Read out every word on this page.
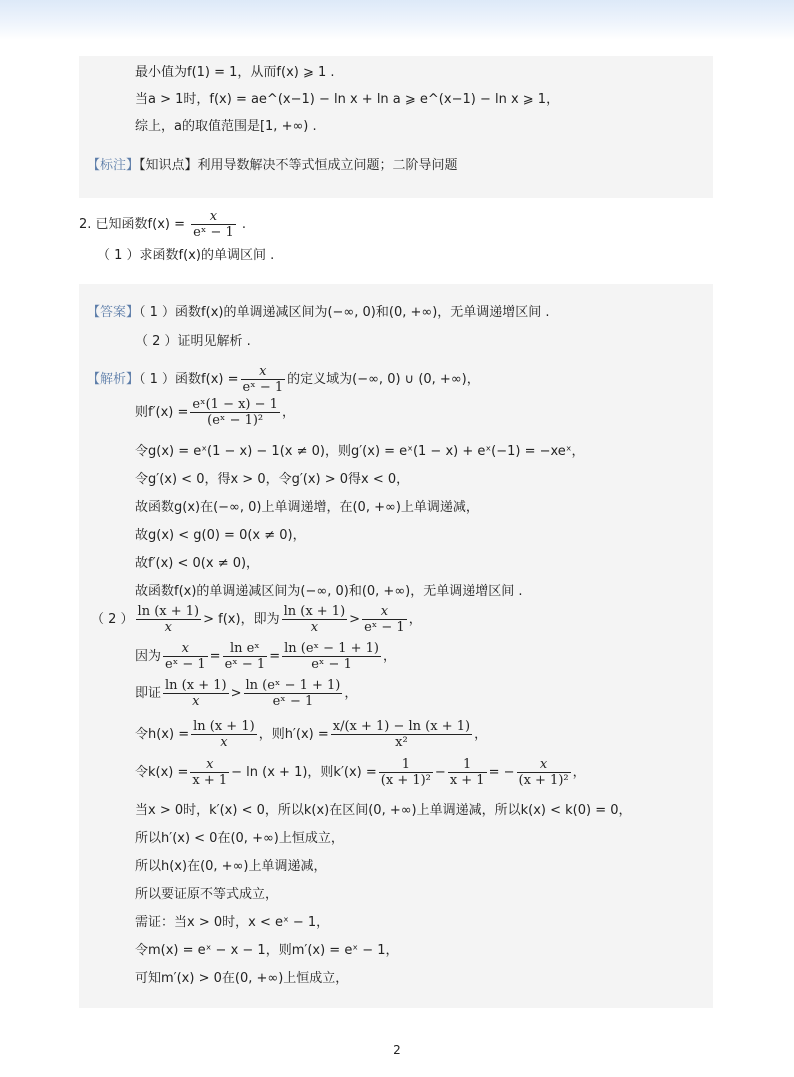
最小值为f(1) = 1，从而f(x) ⩾ 1 .
当a > 1时，f(x) = ae^(x−1) − ln x + ln a ⩾ e^(x−1) − ln x ⩾ 1，
综上，a的取值范围是[1, +∞) .
【标注】【知识点】利用导数解决不等式恒成立问题；二阶导问题
2. 已知函数$f(x) = \frac{x}{\text{eˣ − 1}}$ .
（ 1 ）求函数f(x)的单调区间 .
【答案】（ 1 ）函数f(x)的单调递减区间为(−∞, 0)和(0, +∞)，无单调递增区间 .
（ 2 ）证明见解析 .
【解析】（ 1 ）函数$f(x) = \frac{x}{\text{eˣ − 1}}$ 的定义域为(−∞, 0) ∪ (0, +∞)，
则$f'(x) = \frac{\text{eˣ(1 − x) − 1}}{\text{(eˣ − 1)²}}$ ，
令g(x) = eˣ(1 − x) − 1(x ≠ 0)，则g′(x) = eˣ(1 − x) + eˣ(−1) = −xeˣ，
令g′(x) < 0，得x > 0，令g′(x) > 0得x < 0，
故函数g(x)在(−∞, 0)上单调递增，在(0, +∞)上单调递减，
故g(x) < g(0) = 0(x ≠ 0)，
故f′(x) < 0(x ≠ 0)，
故函数f(x)的单调递减区间为(−∞, 0)和(0, +∞)，无单调递增区间 .
（ 2 ） $\frac{\ln (x + 1)}{x} > f(x)$，即为 $\frac{\ln (x + 1)}{x} > \frac{x}{\text{eˣ − 1}}$ ，
因为 $\frac{x}{\text{eˣ − 1}} = \frac{\text{ln eˣ}}{\text{eˣ − 1}} = \frac{\text{ln (eˣ − 1 + 1)}}{\text{eˣ − 1}}$ ，
即证 $\frac{\ln (x + 1)}{x} > \frac{\text{ln (eˣ − 1 + 1)}}{\text{eˣ − 1}}$ ，
令$h(x) = \frac{\ln (x + 1)}{x}$ ，则$h'(x) = \frac{x/(x + 1) - \ln (x + 1)}{\text{x²}}$ ，
令$k(x) = \frac{x}{x + 1} - \ln (x + 1)$，则$k'(x) = \frac{1}{\text{(x + 1)²}} - \frac{1}{x + 1}$ = − $\frac{x}{\text{(x + 1)²}}$ ，
当x > 0时，k′(x) < 0，所以k(x)在区间(0, +∞)上单调递减，所以k(x) < k(0) = 0，
所以h′(x) < 0在(0, +∞)上恒成立，
所以h(x)在(0, +∞)上单调递减，
所以要证原不等式成立，
需证：当x > 0时，x < eˣ − 1，
令m(x) = eˣ − x − 1，则m′(x) = eˣ − 1，
可知m′(x) > 0在(0, +∞)上恒成立，
2
